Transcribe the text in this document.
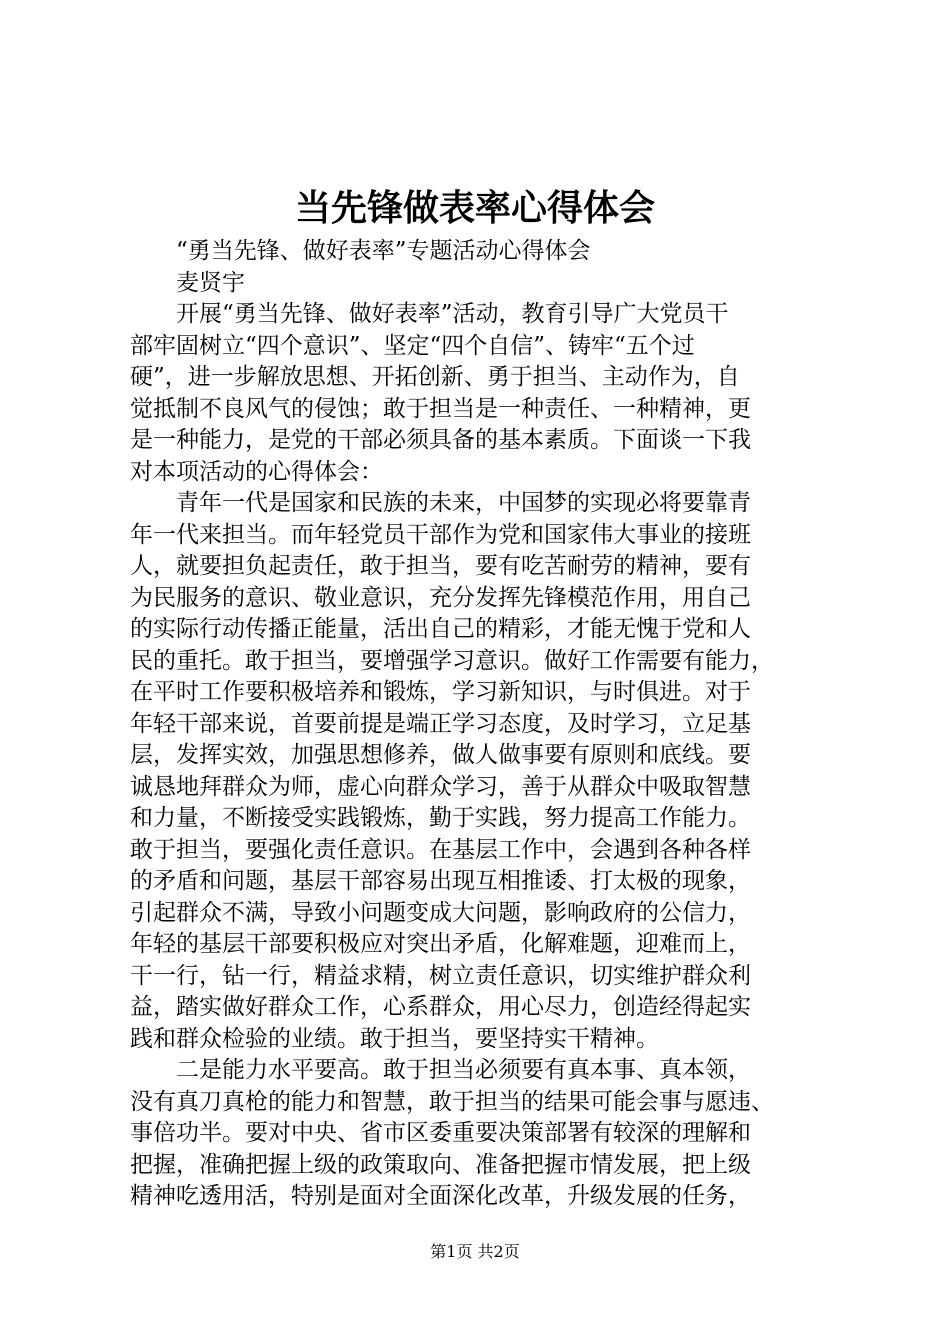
当先锋做表率心得体会
“勇当先锋、做好表率”专题活动心得体会
麦贤宇
开展“勇当先锋、做好表率”活动，教育引导广大党员干
部牢固树立“四个意识”、坚定“四个自信”、铸牢“五个过
硬”，进一步解放思想、开拓创新、勇于担当、主动作为，自
觉抵制不良风气的侵蚀；敢于担当是一种责任、一种精神，更
是一种能力，是党的干部必须具备的基本素质。下面谈一下我
对本项活动的心得体会：
青年一代是国家和民族的未来，中国梦的实现必将要靠青
年一代来担当。而年轻党员干部作为党和国家伟大事业的接班
人，就要担负起责任，敢于担当，要有吃苦耐劳的精神，要有
为民服务的意识、敬业意识，充分发挥先锋模范作用，用自己
的实际行动传播正能量，活出自己的精彩，才能无愧于党和人
民的重托。敢于担当，要增强学习意识。做好工作需要有能力，
在平时工作要积极培养和锻炼，学习新知识，与时俱进。对于
年轻干部来说，首要前提是端正学习态度，及时学习，立足基
层，发挥实效，加强思想修养，做人做事要有原则和底线。要
诚恳地拜群众为师，虚心向群众学习，善于从群众中吸取智慧
和力量，不断接受实践锻炼，勤于实践，努力提高工作能力。
敢于担当，要强化责任意识。在基层工作中，会遇到各种各样
的矛盾和问题，基层干部容易出现互相推诿、打太极的现象，
引起群众不满，导致小问题变成大问题，影响政府的公信力，
年轻的基层干部要积极应对突出矛盾，化解难题，迎难而上，
干一行，钻一行，精益求精，树立责任意识，切实维护群众利
益，踏实做好群众工作，心系群众，用心尽力，创造经得起实
践和群众检验的业绩。敢于担当，要坚持实干精神。
二是能力水平要高。敢于担当必须要有真本事、真本领，
没有真刀真枪的能力和智慧，敢于担当的结果可能会事与愿违、
事倍功半。要对中央、省市区委重要决策部署有较深的理解和
把握，准确把握上级的政策取向、准备把握市情发展，把上级
精神吃透用活，特别是面对全面深化改革，升级发展的任务，
第1页 共2页
